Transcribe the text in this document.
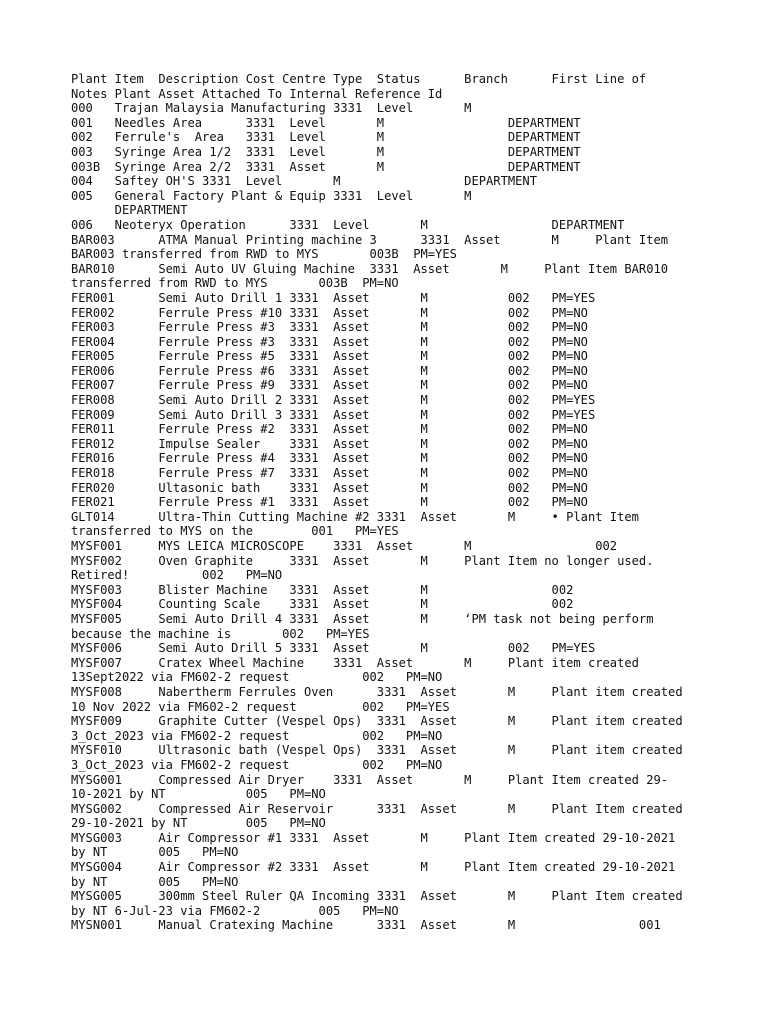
Plant Item  Description Cost Centre Type  Status      Branch      First Line of
Notes Plant Asset Attached To Internal Reference Id
000   Trajan Malaysia Manufacturing 3331  Level       M
001   Needles Area      3331  Level       M                 DEPARTMENT
002   Ferrule's  Area   3331  Level       M                 DEPARTMENT
003   Syringe Area 1/2  3331  Level       M                 DEPARTMENT
003B  Syringe Area 2/2  3331  Asset       M                 DEPARTMENT
004   Saftey OH'S 3331  Level       M                 DEPARTMENT
005   General Factory Plant & Equip 3331  Level       M
DEPARTMENT
006   Neoteryx Operation      3331  Level       M                 DEPARTMENT
BAR003      ATMA Manual Printing machine 3      3331  Asset       M     Plant Item
BAR003 transferred from RWD to MYS       003B  PM=YES
BAR010      Semi Auto UV Gluing Machine  3331  Asset       M     Plant Item BAR010
transferred from RWD to MYS       003B  PM=NO
FER001      Semi Auto Drill 1 3331  Asset       M           002   PM=YES
FER002      Ferrule Press #10 3331  Asset       M           002   PM=NO
FER003      Ferrule Press #3  3331  Asset       M           002   PM=NO
FER004      Ferrule Press #3  3331  Asset       M           002   PM=NO
FER005      Ferrule Press #5  3331  Asset       M           002   PM=NO
FER006      Ferrule Press #6  3331  Asset       M           002   PM=NO
FER007      Ferrule Press #9  3331  Asset       M           002   PM=NO
FER008      Semi Auto Drill 2 3331  Asset       M           002   PM=YES
FER009      Semi Auto Drill 3 3331  Asset       M           002   PM=YES
FER011      Ferrule Press #2  3331  Asset       M           002   PM=NO
FER012      Impulse Sealer    3331  Asset       M           002   PM=NO
FER016      Ferrule Press #4  3331  Asset       M           002   PM=NO
FER018      Ferrule Press #7  3331  Asset       M           002   PM=NO
FER020      Ultasonic bath    3331  Asset       M           002   PM=NO
FER021      Ferrule Press #1  3331  Asset       M           002   PM=NO
GLT014      Ultra-Thin Cutting Machine #2 3331  Asset       M     • Plant Item
transferred to MYS on the        001   PM=YES
MYSF001     MYS LEICA MICROSCOPE    3331  Asset       M                 002
MYSF002     Oven Graphite     3331  Asset       M     Plant Item no longer used.
Retired!          002   PM=NO
MYSF003     Blister Machine   3331  Asset       M                 002
MYSF004     Counting Scale    3331  Asset       M                 002
MYSF005     Semi Auto Drill 4 3331  Asset       M     ‘PM task not being perform
because the machine is       002   PM=YES
MYSF006     Semi Auto Drill 5 3331  Asset       M           002   PM=YES
MYSF007     Cratex Wheel Machine    3331  Asset       M     Plant item created
13Sept2022 via FM602-2 request          002   PM=NO
MYSF008     Nabertherm Ferrules Oven      3331  Asset       M     Plant item created
10 Nov 2022 via FM602-2 request         002   PM=YES
MYSF009     Graphite Cutter (Vespel Ops)  3331  Asset       M     Plant item created
3_Oct_2023 via FM602-2 request          002   PM=NO
MYSF010     Ultrasonic bath (Vespel Ops)  3331  Asset       M     Plant item created
3_Oct_2023 via FM602-2 request          002   PM=NO
MYSG001     Compressed Air Dryer    3331  Asset       M     Plant Item created 29-
10-2021 by NT           005   PM=NO
MYSG002     Compressed Air Reservoir      3331  Asset       M     Plant Item created
29-10-2021 by NT        005   PM=NO
MYSG003     Air Compressor #1 3331  Asset       M     Plant Item created 29-10-2021
by NT       005   PM=NO
MYSG004     Air Compressor #2 3331  Asset       M     Plant Item created 29-10-2021
by NT       005   PM=NO
MYSG005     300mm Steel Ruler QA Incoming 3331  Asset       M     Plant Item created
by NT 6-Jul-23 via FM602-2        005   PM=NO
MYSN001     Manual Cratexing Machine      3331  Asset       M                 001
